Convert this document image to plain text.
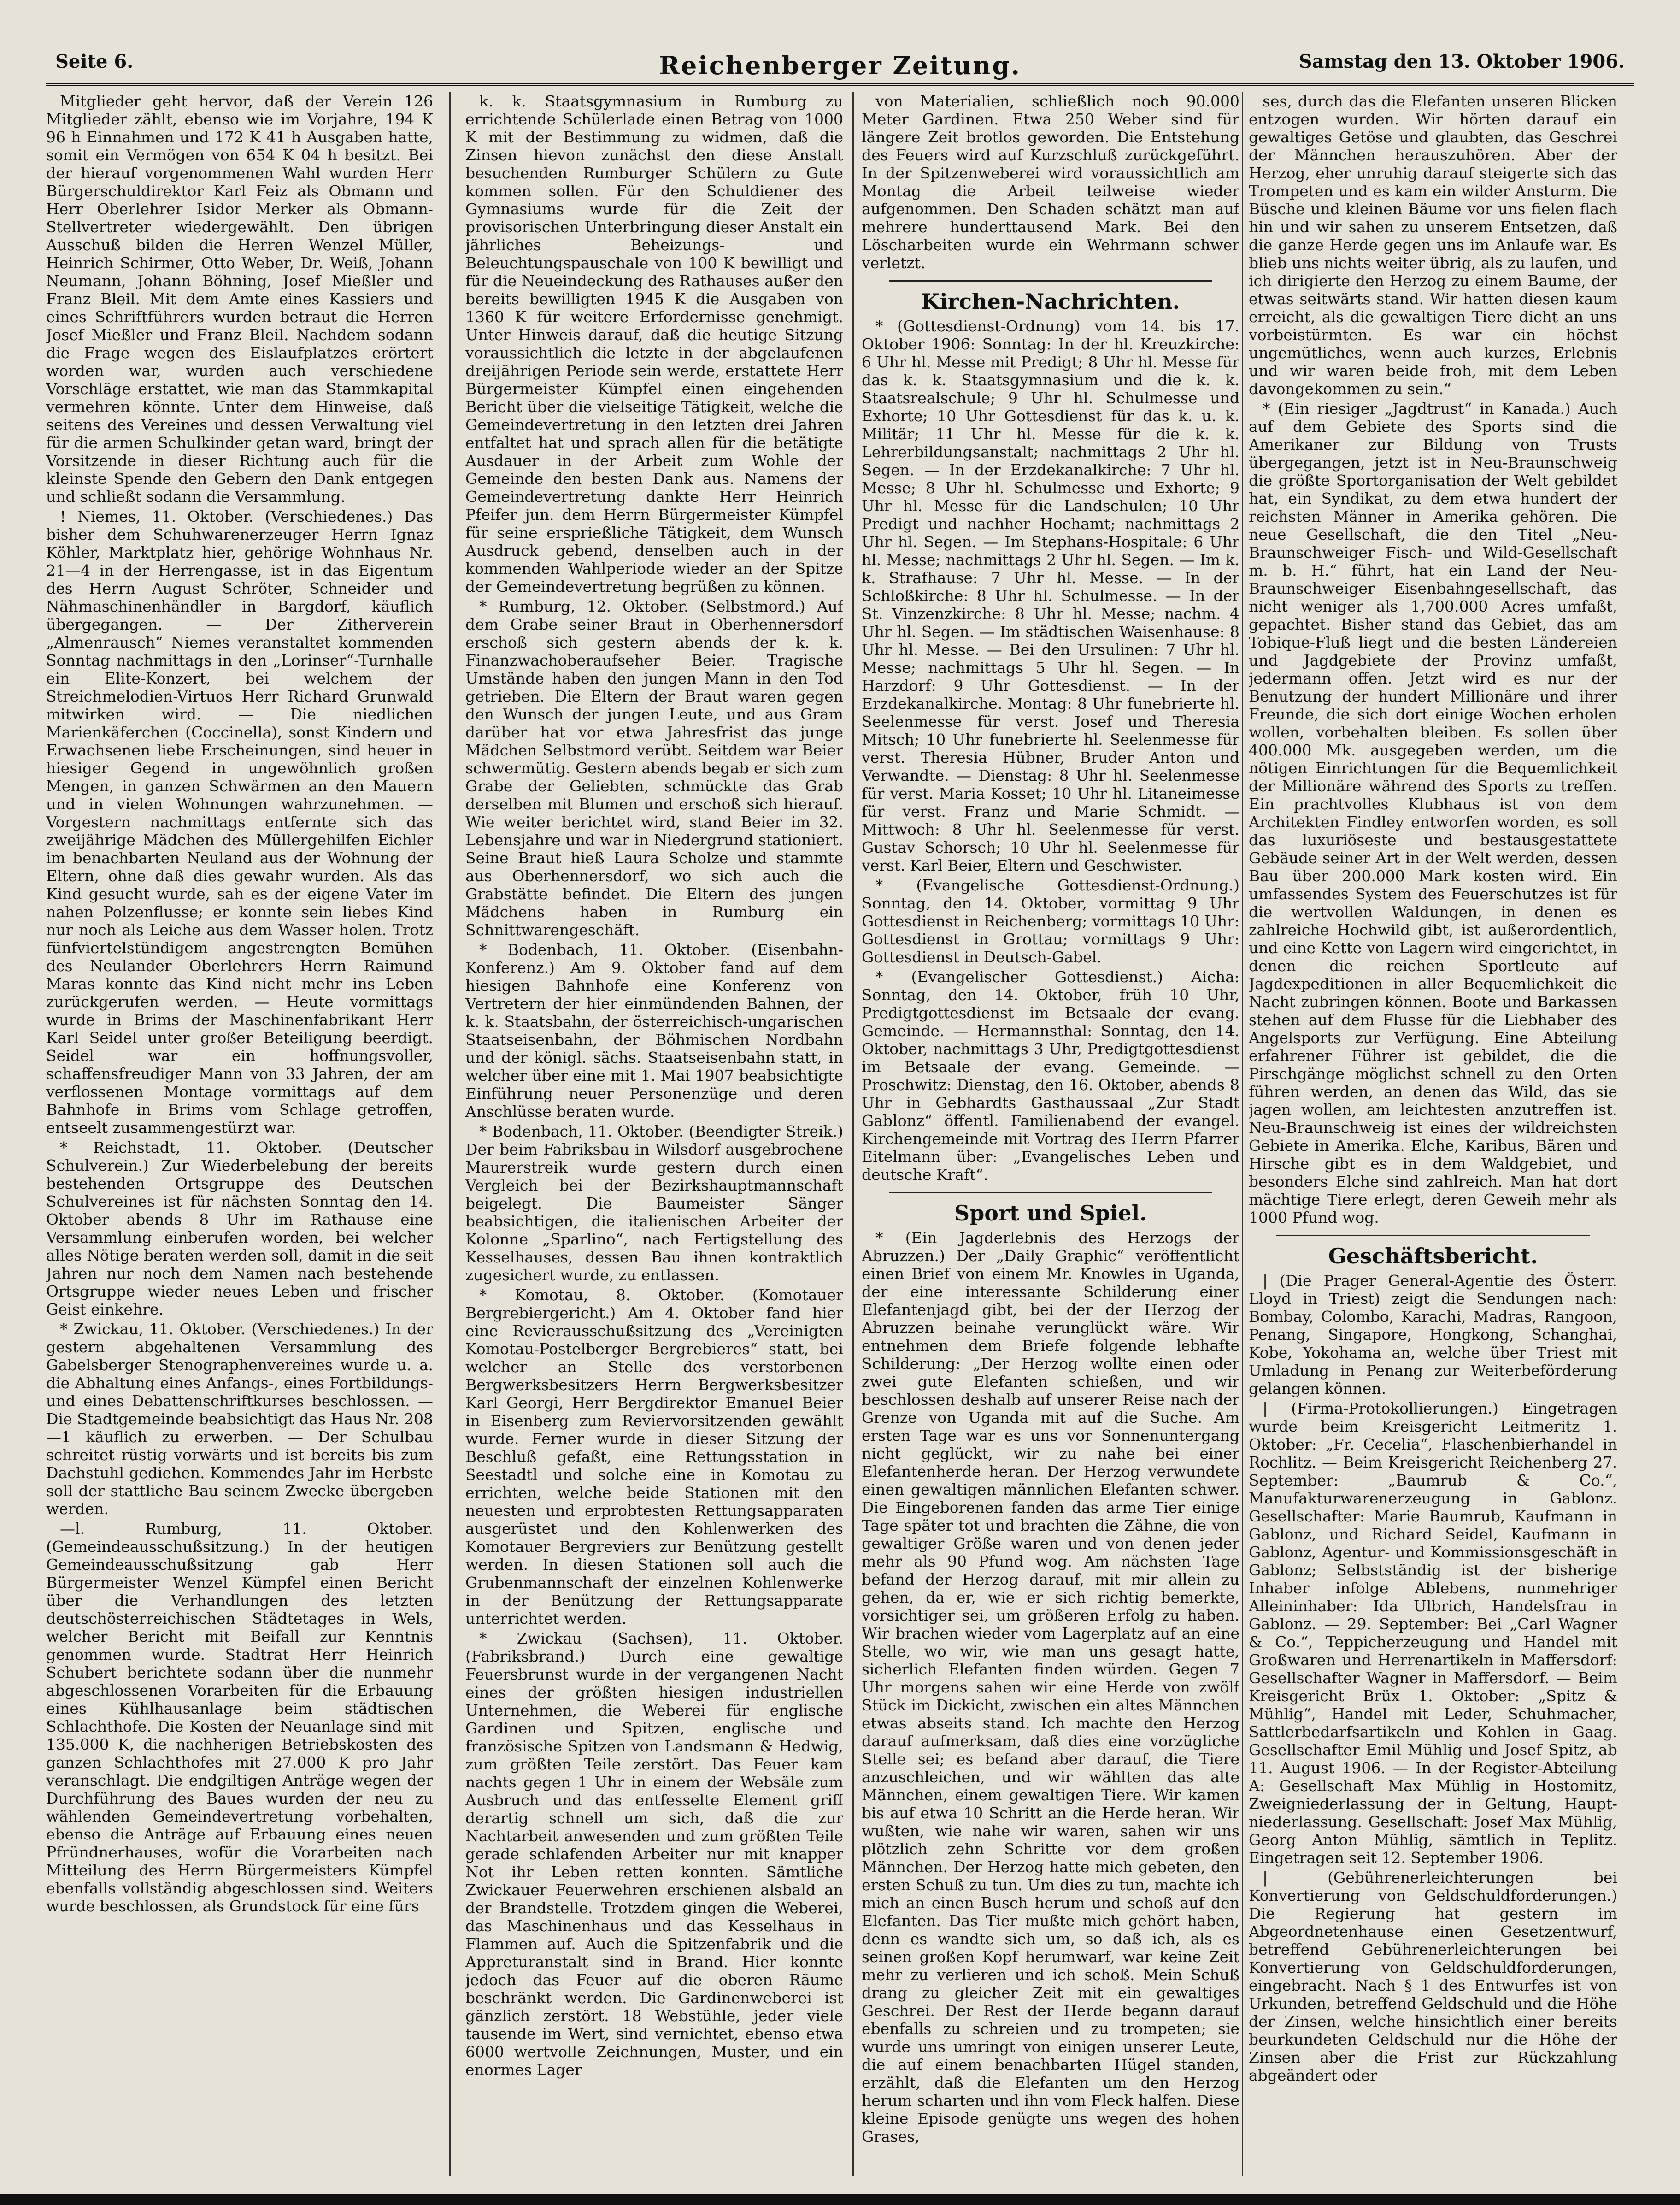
Seite 6.	Reichenberger Zeitung.	Samstag den 13. Oktober 1906.

Mitglieder geht hervor, daß der Verein 126 Mitglieder zählt, ebenso wie im Vorjahre, 194 K 96 h Einnahmen und 172 K 41 h Ausgaben hatte, somit ein Vermögen von 654 K 04 h besitzt. Bei der hierauf vorgenommenen Wahl wurden Herr Bürgerschuldirektor Karl Feiz als Obmann und Herr Oberlehrer Isidor Merker als Obmann-Stellvertreter wiedergewählt. Den übrigen Ausschuß bilden die Herren Wenzel Müller, Heinrich Schirmer, Otto Weber, Dr. Weiß, Johann Neumann, Johann Böhning, Josef Mießler und Franz Bleil. Mit dem Amte eines Kassiers und eines Schriftführers wurden betraut die Herren Josef Mießler und Franz Bleil. Nachdem sodann die Frage wegen des Eislaufplatzes erörtert worden war, wurden auch verschiedene Vorschläge erstattet, wie man das Stammkapital vermehren könnte. Unter dem Hinweise, daß seitens des Vereines und dessen Verwaltung viel für die armen Schulkinder getan ward, bringt der Vorsitzende in dieser Richtung auch für die kleinste Spende den Gebern den Dank entgegen und schließt sodann die Versammlung.

! Niemes, 11. Oktober. (Verschiedenes.) Das bisher dem Schuhwarenerzeuger Herrn Ignaz Köhler, Marktplatz hier, gehörige Wohnhaus Nr. 21—4 in der Herrengasse, ist in das Eigentum des Herrn August Schröter, Schneider und Nähmaschinenhändler in Bargdorf, käuflich übergegangen. — Der Zitherverein „Almenrausch“ Niemes veranstaltet kommenden Sonntag nachmittags in den „Lorinser“-Turnhalle ein Elite-Konzert, bei welchem der Streichmelodien-Virtuos Herr Richard Grunwald mitwirken wird. — Die niedlichen Marienkäferchen (Coccinella), sonst Kindern und Erwachsenen liebe Erscheinungen, sind heuer in hiesiger Gegend in ungewöhnlich großen Mengen, in ganzen Schwärmen an den Mauern und in vielen Wohnungen wahrzunehmen. — Vorgestern nachmittags entfernte sich das zweijährige Mädchen des Müllergehilfen Eichler im benachbarten Neuland aus der Wohnung der Eltern, ohne daß dies gewahr wurden. Als das Kind gesucht wurde, sah es der eigene Vater im nahen Polzenflusse; er konnte sein liebes Kind nur noch als Leiche aus dem Wasser holen. Trotz fünfviertelstündigem angestrengten Bemühen des Neulander Oberlehrers Herrn Raimund Maras konnte das Kind nicht mehr ins Leben zurückgerufen werden. — Heute vormittags wurde in Brims der Maschinenfabrikant Herr Karl Seidel unter großer Beteiligung beerdigt. Seidel war ein hoffnungsvoller, schaffensfreudiger Mann von 33 Jahren, der am verflossenen Montage vormittags auf dem Bahnhofe in Brims vom Schlage getroffen, entseelt zusammengestürzt war.

* Reichstadt, 11. Oktober. (Deutscher Schulverein.) Zur Wiederbelebung der bereits bestehenden Ortsgruppe des Deutschen Schulvereines ist für nächsten Sonntag den 14. Oktober abends 8 Uhr im Rathause eine Versammlung einberufen worden, bei welcher alles Nötige beraten werden soll, damit in die seit Jahren nur noch dem Namen nach bestehende Ortsgruppe wieder neues Leben und frischer Geist einkehre.

* Zwickau, 11. Oktober. (Verschiedenes.) In der gestern abgehaltenen Versammlung des Gabelsberger Stenographenvereines wurde u. a. die Abhaltung eines Anfangs-, eines Fortbildungs- und eines Debattenschriftkurses beschlossen. — Die Stadtgemeinde beabsichtigt das Haus Nr. 208—1 käuflich zu erwerben. — Der Schulbau schreitet rüstig vorwärts und ist bereits bis zum Dachstuhl gediehen. Kommendes Jahr im Herbste soll der stattliche Bau seinem Zwecke übergeben werden.

—l. Rumburg, 11. Oktober. (Gemeindeausschußsitzung.) In der heutigen Gemeindeausschußsitzung gab Herr Bürgermeister Wenzel Kümpfel einen Bericht über die Verhandlungen des letzten deutschösterreichischen Städtetages in Wels, welcher Bericht mit Beifall zur Kenntnis genommen wurde. Stadtrat Herr Heinrich Schubert berichtete sodann über die nunmehr abgeschlossenen Vorarbeiten für die Erbauung eines Kühlhausanlage beim städtischen Schlachthofe. Die Kosten der Neuanlage sind mit 135.000 K, die nachherigen Betriebskosten des ganzen Schlachthofes mit 27.000 K pro Jahr veranschlagt. Die endgiltigen Anträge wegen der Durchführung des Baues wurden der neu zu wählenden Gemeindevertretung vorbehalten, ebenso die Anträge auf Erbauung eines neuen Pfründnerhauses, wofür die Vorarbeiten nach Mitteilung des Herrn Bürgermeisters Kümpfel ebenfalls vollständig abgeschlossen sind. Weiters wurde beschlossen, als Grundstock für eine fürs

k. k. Staatsgymnasium in Rumburg zu errichtende Schülerlade einen Betrag von 1000 K mit der Bestimmung zu widmen, daß die Zinsen hievon zunächst den diese Anstalt besuchenden Rumburger Schülern zu Gute kommen sollen. Für den Schuldiener des Gymnasiums wurde für die Zeit der provisorischen Unterbringung dieser Anstalt ein jährliches Beheizungs- und Beleuchtungspauschale von 100 K bewilligt und für die Neueindeckung des Rathauses außer den bereits bewilligten 1945 K die Ausgaben von 1360 K für weitere Erfordernisse genehmigt. Unter Hinweis darauf, daß die heutige Sitzung voraussichtlich die letzte in der abgelaufenen dreijährigen Periode sein werde, erstattete Herr Bürgermeister Kümpfel einen eingehenden Bericht über die vielseitige Tätigkeit, welche die Gemeindevertretung in den letzten drei Jahren entfaltet hat und sprach allen für die betätigte Ausdauer in der Arbeit zum Wohle der Gemeinde den besten Dank aus. Namens der Gemeindevertretung dankte Herr Heinrich Pfeifer jun. dem Herrn Bürgermeister Kümpfel für seine ersprießliche Tätigkeit, dem Wunsch Ausdruck gebend, denselben auch in der kommenden Wahlperiode wieder an der Spitze der Gemeindevertretung begrüßen zu können.

* Rumburg, 12. Oktober. (Selbstmord.) Auf dem Grabe seiner Braut in Oberhennersdorf erschoß sich gestern abends der k. k. Finanzwachoberaufseher Beier. Tragische Umstände haben den jungen Mann in den Tod getrieben. Die Eltern der Braut waren gegen den Wunsch der jungen Leute, und aus Gram darüber hat vor etwa Jahresfrist das junge Mädchen Selbstmord verübt. Seitdem war Beier schwermütig. Gestern abends begab er sich zum Grabe der Geliebten, schmückte das Grab derselben mit Blumen und erschoß sich hierauf. Wie weiter berichtet wird, stand Beier im 32. Lebensjahre und war in Niedergrund stationiert. Seine Braut hieß Laura Scholze und stammte aus Oberhennersdorf, wo sich auch die Grabstätte befindet. Die Eltern des jungen Mädchens haben in Rumburg ein Schnittwarengeschäft.

* Bodenbach, 11. Oktober. (Eisenbahn-Konferenz.) Am 9. Oktober fand auf dem hiesigen Bahnhofe eine Konferenz von Vertretern der hier einmündenden Bahnen, der k. k. Staatsbahn, der österreichisch-ungarischen Staatseisenbahn, der Böhmischen Nordbahn und der königl. sächs. Staatseisenbahn statt, in welcher über eine mit 1. Mai 1907 beabsichtigte Einführung neuer Personenzüge und deren Anschlüsse beraten wurde.

* Bodenbach, 11. Oktober. (Beendigter Streik.) Der beim Fabriksbau in Wilsdorf ausgebrochene Maurerstreik wurde gestern durch einen Vergleich bei der Bezirkshauptmannschaft beigelegt. Die Baumeister Sänger beabsichtigen, die italienischen Arbeiter der Kolonne „Sparlino“, nach Fertigstellung des Kesselhauses, dessen Bau ihnen kontraktlich zugesichert wurde, zu entlassen.

* Komotau, 8. Oktober. (Komotauer Bergrebiergericht.) Am 4. Oktober fand hier eine Revierausschußsitzung des „Vereinigten Komotau-Postelberger Bergrebieres“ statt, bei welcher an Stelle des verstorbenen Bergwerksbesitzers Herrn Bergwerksbesitzer Karl Georgi, Herr Bergdirektor Emanuel Beier in Eisenberg zum Reviervorsitzenden gewählt wurde. Ferner wurde in dieser Sitzung der Beschluß gefaßt, eine Rettungsstation in Seestadtl und solche eine in Komotau zu errichten, welche beide Stationen mit den neuesten und erprobtesten Rettungsapparaten ausgerüstet und den Kohlenwerken des Komotauer Bergreviers zur Benützung gestellt werden. In diesen Stationen soll auch die Grubenmannschaft der einzelnen Kohlenwerke in der Benützung der Rettungsapparate unterrichtet werden.

* Zwickau (Sachsen), 11. Oktober. (Fabriksbrand.) Durch eine gewaltige Feuersbrunst wurde in der vergangenen Nacht eines der größten hiesigen industriellen Unternehmen, die Weberei für englische Gardinen und Spitzen, englische und französische Spitzen von Landsmann & Hedwig, zum größten Teile zerstört. Das Feuer kam nachts gegen 1 Uhr in einem der Websäle zum Ausbruch und das entfesselte Element griff derartig schnell um sich, daß die zur Nachtarbeit anwesenden und zum größten Teile gerade schlafenden Arbeiter nur mit knapper Not ihr Leben retten konnten. Sämtliche Zwickauer Feuerwehren erschienen alsbald an der Brandstelle. Trotzdem gingen die Weberei, das Maschinenhaus und das Kesselhaus in Flammen auf. Auch die Spitzenfabrik und die Appreturanstalt sind in Brand. Hier konnte jedoch das Feuer auf die oberen Räume beschränkt werden. Die Gardinenweberei ist gänzlich zerstört. 18 Webstühle, jeder viele tausende im Wert, sind vernichtet, ebenso etwa 6000 wertvolle Zeichnungen, Muster, und ein enormes Lager

von Materialien, schließlich noch 90.000 Meter Gardinen. Etwa 250 Weber sind für längere Zeit brotlos geworden. Die Entstehung des Feuers wird auf Kurzschluß zurückgeführt. In der Spitzenweberei wird voraussichtlich am Montag die Arbeit teilweise wieder aufgenommen. Den Schaden schätzt man auf mehrere hunderttausend Mark. Bei den Löscharbeiten wurde ein Wehrmann schwer verletzt.

Kirchen-Nachrichten.

* (Gottesdienst-Ordnung) vom 14. bis 17. Oktober 1906: Sonntag: In der hl. Kreuzkirche: 6 Uhr hl. Messe mit Predigt; 8 Uhr hl. Messe für das k. k. Staatsgymnasium und die k. k. Staatsrealschule; 9 Uhr hl. Schulmesse und Exhorte; 10 Uhr Gottesdienst für das k. u. k. Militär; 11 Uhr hl. Messe für die k. k. Lehrerbildungsanstalt; nachmittags 2 Uhr hl. Segen. — In der Erzdekanalkirche: 7 Uhr hl. Messe; 8 Uhr hl. Schulmesse und Exhorte; 9 Uhr hl. Messe für die Landschulen; 10 Uhr Predigt und nachher Hochamt; nachmittags 2 Uhr hl. Segen. — Im Stephans-Hospitale: 6 Uhr hl. Messe; nachmittags 2 Uhr hl. Segen. — Im k. k. Strafhause: 7 Uhr hl. Messe. — In der Schloßkirche: 8 Uhr hl. Schulmesse. — In der St. Vinzenzkirche: 8 Uhr hl. Messe; nachm. 4 Uhr hl. Segen. — Im städtischen Waisenhause: 8 Uhr hl. Messe. — Bei den Ursulinen: 7 Uhr hl. Messe; nachmittags 5 Uhr hl. Segen. — In Harzdorf: 9 Uhr Gottesdienst. — In der Erzdekanalkirche. Montag: 8 Uhr funebrierte hl. Seelenmesse für verst. Josef und Theresia Mitsch; 10 Uhr funebrierte hl. Seelenmesse für verst. Theresia Hübner, Bruder Anton und Verwandte. — Dienstag: 8 Uhr hl. Seelenmesse für verst. Maria Kosset; 10 Uhr hl. Litaneimesse für verst. Franz und Marie Schmidt. — Mittwoch: 8 Uhr hl. Seelenmesse für verst. Gustav Schorsch; 10 Uhr hl. Seelenmesse für verst. Karl Beier, Eltern und Geschwister.

* (Evangelische Gottesdienst-Ordnung.) Sonntag, den 14. Oktober, vormittag 9 Uhr Gottesdienst in Reichenberg; vormittags 10 Uhr: Gottesdienst in Grottau; vormittags 9 Uhr: Gottesdienst in Deutsch-Gabel.

* (Evangelischer Gottesdienst.) Aicha: Sonntag, den 14. Oktober, früh 10 Uhr, Predigtgottesdienst im Betsaale der evang. Gemeinde. — Hermannsthal: Sonntag, den 14. Oktober, nachmittags 3 Uhr, Predigtgottesdienst im Betsaale der evang. Gemeinde. — Proschwitz: Dienstag, den 16. Oktober, abends 8 Uhr in Gebhardts Gasthaussaal „Zur Stadt Gablonz“ öffentl. Familienabend der evangel. Kirchengemeinde mit Vortrag des Herrn Pfarrer Eitelmann über: „Evangelisches Leben und deutsche Kraft“.

Sport und Spiel.

* (Ein Jagderlebnis des Herzogs der Abruzzen.) Der „Daily Graphic“ veröffentlicht einen Brief von einem Mr. Knowles in Uganda, der eine interessante Schilderung einer Elefantenjagd gibt, bei der der Herzog der Abruzzen beinahe verunglückt wäre. Wir entnehmen dem Briefe folgende lebhafte Schilderung: „Der Herzog wollte einen oder zwei gute Elefanten schießen, und wir beschlossen deshalb auf unserer Reise nach der Grenze von Uganda mit auf die Suche. Am ersten Tage war es uns vor Sonnenuntergang nicht geglückt, wir zu nahe bei einer Elefantenherde heran. Der Herzog verwundete einen gewaltigen männlichen Elefanten schwer. Die Eingeborenen fanden das arme Tier einige Tage später tot und brachten die Zähne, die von gewaltiger Größe waren und von denen jeder mehr als 90 Pfund wog. Am nächsten Tage befand der Herzog darauf, mit mir allein zu gehen, da er, wie er sich richtig bemerkte, vorsichtiger sei, um größeren Erfolg zu haben. Wir brachen wieder vom Lagerplatz auf an eine Stelle, wo wir, wie man uns gesagt hatte, sicherlich Elefanten finden würden. Gegen 7 Uhr morgens sahen wir eine Herde von zwölf Stück im Dickicht, zwischen ein altes Männchen etwas abseits stand. Ich machte den Herzog darauf aufmerksam, daß dies eine vorzügliche Stelle sei; es befand aber darauf, die Tiere anzuschleichen, und wir wählten das alte Männchen, einem gewaltigen Tiere. Wir kamen bis auf etwa 10 Schritt an die Herde heran. Wir wußten, wie nahe wir waren, sahen wir uns plötzlich zehn Schritte vor dem großen Männchen. Der Herzog hatte mich gebeten, den ersten Schuß zu tun. Um dies zu tun, machte ich mich an einen Busch herum und schoß auf den Elefanten. Das Tier mußte mich gehört haben, denn es wandte sich um, so daß ich, als es seinen großen Kopf herumwarf, war keine Zeit mehr zu verlieren und ich schoß. Mein Schuß drang zu gleicher Zeit mit ein gewaltiges Geschrei. Der Rest der Herde begann darauf ebenfalls zu schreien und zu trompeten; sie wurde uns umringt von einigen unserer Leute, die auf einem benachbarten Hügel standen, erzählt, daß die Elefanten um den Herzog herum scharten und ihn vom Fleck halfen. Diese kleine Episode genügte uns wegen des hohen Grases,

ses, durch das die Elefanten unseren Blicken entzogen wurden. Wir hörten darauf ein gewaltiges Getöse und glaubten, das Geschrei der Männchen herauszuhören. Aber der Herzog, eher unruhig darauf steigerte sich das Trompeten und es kam ein wilder Ansturm. Die Büsche und kleinen Bäume vor uns fielen flach hin und wir sahen zu unserem Entsetzen, daß die ganze Herde gegen uns im Anlaufe war. Es blieb uns nichts weiter übrig, als zu laufen, und ich dirigierte den Herzog zu einem Baume, der etwas seitwärts stand. Wir hatten diesen kaum erreicht, als die gewaltigen Tiere dicht an uns vorbeistürmten. Es war ein höchst ungemütliches, wenn auch kurzes, Erlebnis und wir waren beide froh, mit dem Leben davongekommen zu sein.“

* (Ein riesiger „Jagdtrust“ in Kanada.) Auch auf dem Gebiete des Sports sind die Amerikaner zur Bildung von Trusts übergegangen, jetzt ist in Neu-Braunschweig die größte Sportorganisation der Welt gebildet hat, ein Syndikat, zu dem etwa hundert der reichsten Männer in Amerika gehören. Die neue Gesellschaft, die den Titel „Neu-Braunschweiger Fisch- und Wild-Gesellschaft m. b. H.“ führt, hat ein Land der Neu-Braunschweiger Eisenbahngesellschaft, das nicht weniger als 1,700.000 Acres umfaßt, gepachtet. Bisher stand das Gebiet, das am Tobique-Fluß liegt und die besten Ländereien und Jagdgebiete der Provinz umfaßt, jedermann offen. Jetzt wird es nur der Benutzung der hundert Millionäre und ihrer Freunde, die sich dort einige Wochen erholen wollen, vorbehalten bleiben. Es sollen über 400.000 Mk. ausgegeben werden, um die nötigen Einrichtungen für die Bequemlichkeit der Millionäre während des Sports zu treffen. Ein prachtvolles Klubhaus ist von dem Architekten Findley entworfen worden, es soll das luxuriöseste und bestausgestattete Gebäude seiner Art in der Welt werden, dessen Bau über 200.000 Mark kosten wird. Ein umfassendes System des Feuerschutzes ist für die wertvollen Waldungen, in denen es zahlreiche Hochwild gibt, ist außerordentlich, und eine Kette von Lagern wird eingerichtet, in denen die reichen Sportleute auf Jagdexpeditionen in aller Bequemlichkeit die Nacht zubringen können. Boote und Barkassen stehen auf dem Flusse für die Liebhaber des Angelsports zur Verfügung. Eine Abteilung erfahrener Führer ist gebildet, die die Pirschgänge möglichst schnell zu den Orten führen werden, an denen das Wild, das sie jagen wollen, am leichtesten anzutreffen ist. Neu-Braunschweig ist eines der wildreichsten Gebiete in Amerika. Elche, Karibus, Bären und Hirsche gibt es in dem Waldgebiet, und besonders Elche sind zahlreich. Man hat dort mächtige Tiere erlegt, deren Geweih mehr als 1000 Pfund wog.

Geschäftsbericht.

| (Die Prager General-Agentie des Österr. Lloyd in Triest) zeigt die Sendungen nach: Bombay, Colombo, Karachi, Madras, Rangoon, Penang, Singapore, Hongkong, Schanghai, Kobe, Yokohama an, welche über Triest mit Umladung in Penang zur Weiterbeförderung gelangen können.

| (Firma-Protokollierungen.) Eingetragen wurde beim Kreisgericht Leitmeritz 1. Oktober: „Fr. Cecelia“, Flaschenbierhandel in Rochlitz. — Beim Kreisgericht Reichenberg 27. September: „Baumrub & Co.“, Manufakturwarenerzeugung in Gablonz. Gesellschafter: Marie Baumrub, Kaufmann in Gablonz, und Richard Seidel, Kaufmann in Gablonz, Agentur- und Kommissionsgeschäft in Gablonz; Selbstständig ist der bisherige Inhaber infolge Ablebens, nunmehriger Alleininhaber: Ida Ulbrich, Handelsfrau in Gablonz. — 29. September: Bei „Carl Wagner & Co.“, Teppicherzeugung und Handel mit Großwaren und Herrenartikeln in Maffersdorf: Gesellschafter Wagner in Maffersdorf. — Beim Kreisgericht Brüx 1. Oktober: „Spitz & Mühlig“, Handel mit Leder, Schuhmacher, Sattlerbedarfsartikeln und Kohlen in Gaag. Gesellschafter Emil Mühlig und Josef Spitz, ab 11. August 1906. — In der Register-Abteilung A: Gesellschaft Max Mühlig in Hostomitz, Zweigniederlassung der in Geltung, Hauptniederlassung. Gesellschaft: Josef Max Mühlig, Georg Anton Mühlig, sämtlich in Teplitz. Eingetragen seit 12. September 1906.

| (Gebührenerleichterungen bei Konvertierung von Geldschuldforderungen.) Die Regierung hat gestern im Abgeordnetenhause einen Gesetzentwurf, betreffend Gebührenerleichterungen bei Konvertierung von Geldschuldforderungen, eingebracht. Nach § 1 des Entwurfes ist von Urkunden, betreffend Geldschuld und die Höhe der Zinsen, welche hinsichtlich einer bereits beurkundeten Geldschuld nur die Höhe der Zinsen aber die Frist zur Rückzahlung abgeändert oder
